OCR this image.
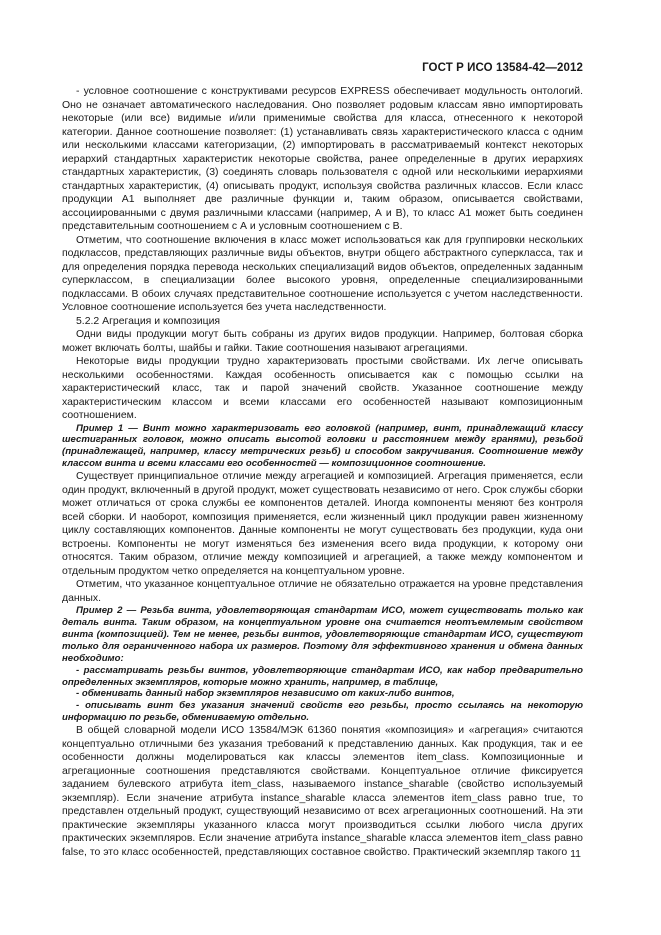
ГОСТ Р ИСО 13584-42—2012

- условное соотношение с конструктивами ресурсов EXPRESS обеспечивает модульность онтологий. Оно не означает автоматического наследования. Оно позволяет родовым классам явно импортировать некоторые (или все) видимые и/или применимые свойства для класса, отнесенного к некоторой категории. Данное соотношение позволяет: (1) устанавливать связь характеристического класса с одним или несколькими классами категоризации, (2) импортировать в рассматриваемый контекст некоторых иерархий стандартных характеристик некоторые свойства, ранее определенные в других иерархиях стандартных характеристик, (3) соединять словарь пользователя с одной или несколькими иерархиями стандартных характеристик, (4) описывать продукт, используя свойства различных классов. Если класс продукции А1 выполняет две различные функции и, таким образом, описывается свойствами, ассоциированными с двумя различными классами (например, А и В), то класс А1 может быть соединен представительным соотношением с А и условным соотношением с В.

Отметим, что соотношение включения в класс может использоваться как для группировки нескольких подклассов, представляющих различные виды объектов, внутри общего абстрактного суперкласса, так и для определения порядка перевода нескольких специализаций видов объектов, определенных заданным суперклассом, в специализации более высокого уровня, определенные специализированными подклассами. В обоих случаях представительное соотношение используется с учетом наследственности. Условное соотношение используется без учета наследственности.

5.2.2 Агрегация и композиция

Одни виды продукции могут быть собраны из других видов продукции. Например, болтовая сборка может включать болты, шайбы и гайки. Такие соотношения называют агрегациями.

Некоторые виды продукции трудно характеризовать простыми свойствами. Их легче описывать несколькими особенностями. Каждая особенность описывается как с помощью ссылки на характеристический класс, так и парой значений свойств. Указанное соотношение между характеристическим классом и всеми классами его особенностей называют композиционным соотношением.

Пример 1 — Винт можно характеризовать его головкой (например, винт, принадлежащий классу шестигранных головок, можно описать высотой головки и расстоянием между гранями), резьбой (принадлежащей, например, классу метрических резьб) и способом закручивания. Соотношение между классом винта и всеми классами его особенностей — композиционное соотношение.

Существует принципиальное отличие между агрегацией и композицией. Агрегация применяется, если один продукт, включенный в другой продукт, может существовать независимо от него. Срок службы сборки может отличаться от срока службы ее компонентов деталей. Иногда компоненты меняют без контроля всей сборки. И наоборот, композиция применяется, если жизненный цикл продукции равен жизненному циклу составляющих компонентов. Данные компоненты не могут существовать без продукции, куда они встроены. Компоненты не могут изменяться без изменения всего вида продукции, к которому они относятся. Таким образом, отличие между композицией и агрегацией, а также между компонентом и отдельным продуктом четко определяется на концептуальном уровне.

Отметим, что указанное концептуальное отличие не обязательно отражается на уровне представления данных.

Пример 2 — Резьба винта, удовлетворяющая стандартам ИСО, может существовать только как деталь винта. Таким образом, на концептуальном уровне она считается неотъемлемым свойством винта (композицией). Тем не менее, резьбы винтов, удовлетворяющие стандартам ИСО, существуют только для ограниченного набора их размеров. Поэтому для эффективного хранения и обмена данных необходимо:

- рассматривать резьбы винтов, удовлетворяющие стандартам ИСО, как набор предварительно определенных экземпляров, которые можно хранить, например, в таблице,

- обменивать данный набор экземпляров независимо от каких-либо винтов,

- описывать винт без указания значений свойств его резьбы, просто ссылаясь на некоторую информацию по резьбе, обмениваемую отдельно.

В общей словарной модели ИСО 13584/МЭК 61360 понятия «композиция» и «агрегация» считаются концептуально отличными без указания требований к представлению данных. Как продукция, так и ее особенности должны моделироваться как классы элементов item_class. Композиционные и агрегационные соотношения представляются свойствами. Концептуальное отличие фиксируется заданием булевского атрибута item_class, называемого instance_sharable (свойство используемый экземпляр). Если значение атрибута instance_sharable класса элементов item_class равно true, то представлен отдельный продукт, существующий независимо от всех агрегационных соотношений. На эти практические экземпляры указанного класса могут производиться ссылки любого числа других практических экземпляров. Если значение атрибута instance_sharable класса элементов item_class равно false, то это класс особенностей, представляющих составное свойство. Практический экземпляр такого 11
